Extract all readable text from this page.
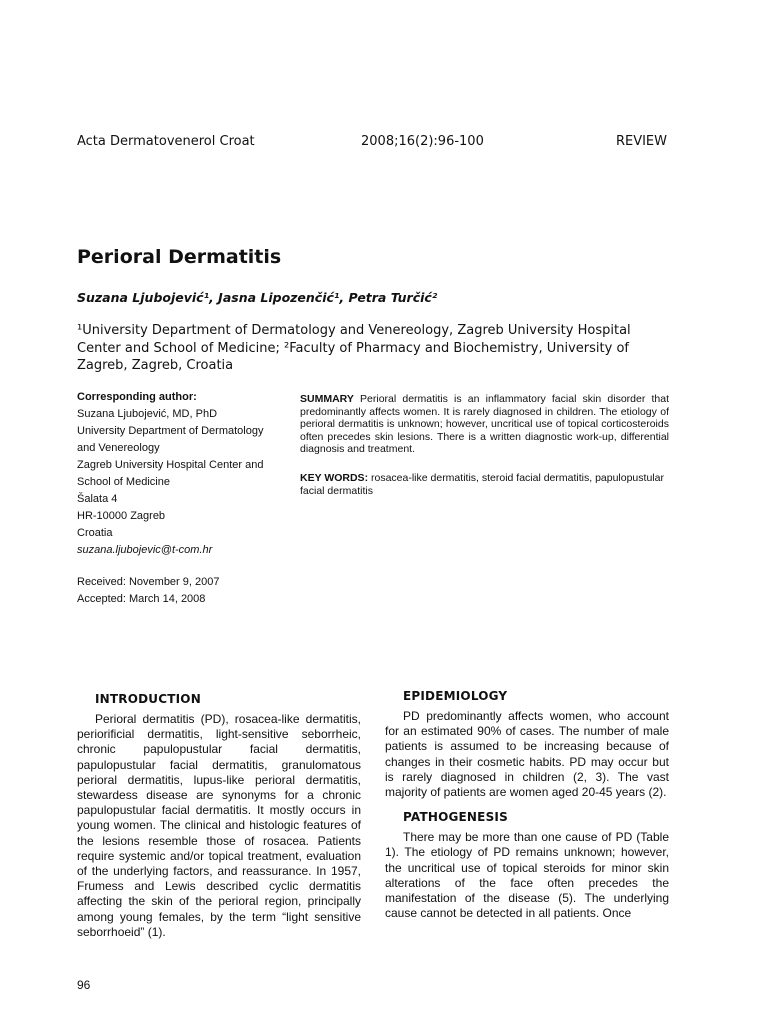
Acta Dermatovenerol Croat	2008;16(2):96-100	REVIEW
Perioral Dermatitis
Suzana Ljubojević¹, Jasna Lipozenčić¹, Petra Turčić²
¹University Department of Dermatology and Venereology, Zagreb University Hospital Center and School of Medicine; ²Faculty of Pharmacy and Biochemistry, University of Zagreb, Zagreb, Croatia
Corresponding author:
Suzana Ljubojević, MD, PhD
University Department of Dermatology
and Venereology
Zagreb University Hospital Center and
School of Medicine
Šalata 4
HR-10000 Zagreb
Croatia
suzana.ljubojevic@t-com.hr
Received: November 9, 2007
Accepted: March 14, 2008
SUMMARY Perioral dermatitis is an inflammatory facial skin disorder that predominantly affects women. It is rarely diagnosed in children. The etiology of perioral dermatitis is unknown; however, uncritical use of topical corticosteroids often precedes skin lesions. There is a written diagnostic work-up, differential diagnosis and treatment.
KEY WORDS: rosacea-like dermatitis, steroid facial dermatitis, papulopustular facial dermatitis
INTRODUCTION

Perioral dermatitis (PD), rosacea-like dermatitis, periorificial dermatitis, light-sensitive seborrheic, chronic papulopustular facial dermatitis, papulopustular facial dermatitis, granulomatous perioral dermatitis, lupus-like perioral dermatitis, stewardess disease are synonyms for a chronic papulopustular facial dermatitis. It mostly occurs in young women. The clinical and histologic features of the lesions resemble those of rosacea. Patients require systemic and/or topical treatment, evaluation of the underlying factors, and reassurance. In 1957, Frumess and Lewis described cyclic dermatitis affecting the skin of the perioral region, principally among young females, by the term “light sensitive seborrhoeid” (1).

EPIDEMIOLOGY

PD predominantly affects women, who account for an estimated 90% of cases. The number of male patients is assumed to be increasing because of changes in their cosmetic habits. PD may occur but is rarely diagnosed in children (2, 3). The vast majority of patients are women aged 20-45 years (2).

PATHOGENESIS

There may be more than one cause of PD (Table 1). The etiology of PD remains unknown; however, the uncritical use of topical steroids for minor skin alterations of the face often precedes the manifestation of the disease (5). The underlying cause cannot be detected in all patients. Once

96
